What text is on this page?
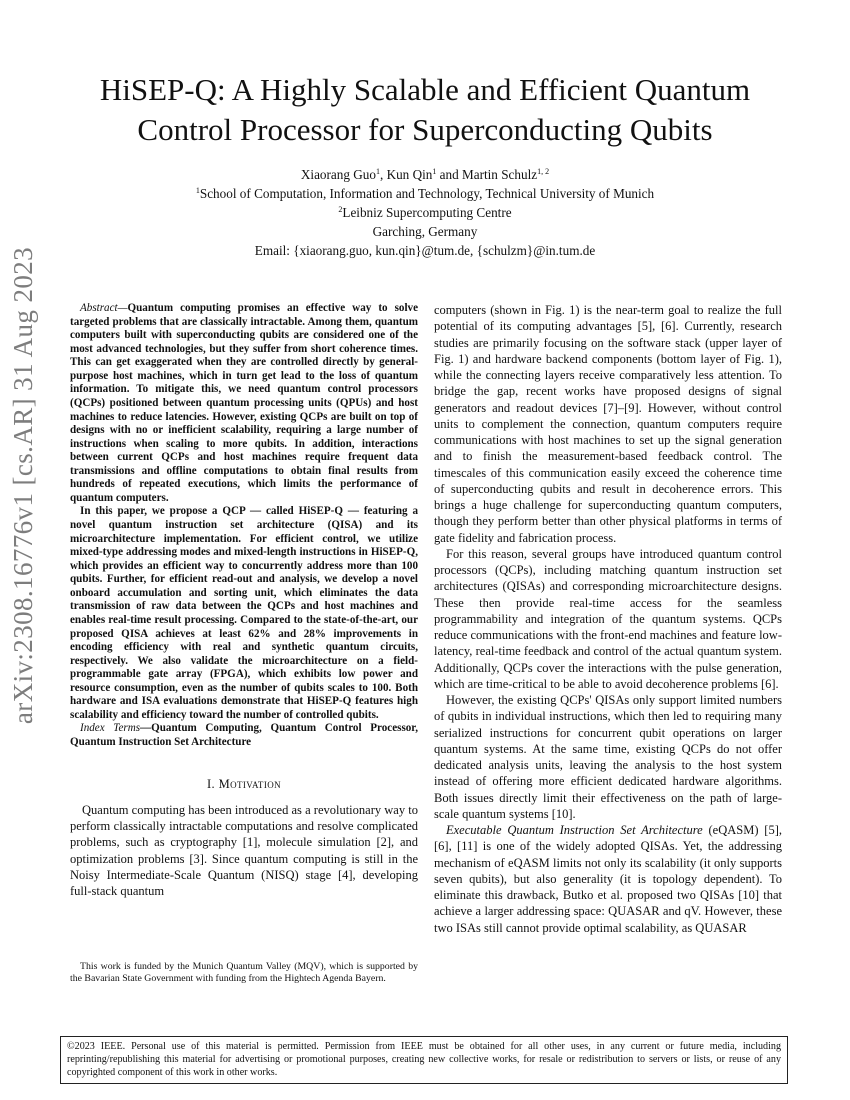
arXiv:2308.16776v1 [cs.AR] 31 Aug 2023
HiSEP-Q: A Highly Scalable and Efficient Quantum
Control Processor for Superconducting Qubits
Xiaorang Guo$^1$, Kun Qin$^1$ and Martin Schulz$^{1, 2}$
$^1$School of Computation, Information and Technology, Technical University of Munich
$^2$Leibniz Supercomputing Centre
Garching, Germany
Email: {xiaorang.guo, kun.qin}@tum.de, {schulzm}@in.tum.de

Abstract—Quantum computing promises an effective way to solve targeted problems that are classically intractable. Among them, quantum computers built with superconducting qubits are considered one of the most advanced technologies, but they suffer from short coherence times. This can get exaggerated when they are controlled directly by general-purpose host machines, which in turn get lead to the loss of quantum information. To mitigate this, we need quantum control processors (QCPs) positioned between quantum processing units (QPUs) and host machines to reduce latencies. However, existing QCPs are built on top of designs with no or inefficient scalability, requiring a large number of instructions when scaling to more qubits. In addition, interactions between current QCPs and host machines require frequent data transmissions and offline computations to obtain final results from hundreds of repeated executions, which limits the performance of quantum computers.

In this paper, we propose a QCP — called HiSEP-Q — featuring a novel quantum instruction set architecture (QISA) and its microarchitecture implementation. For efficient control, we utilize mixed-type addressing modes and mixed-length instructions in HiSEP-Q, which provides an efficient way to concurrently address more than 100 qubits. Further, for efficient read-out and analysis, we develop a novel onboard accumulation and sorting unit, which eliminates the data transmission of raw data between the QCPs and host machines and enables real-time result processing. Compared to the state-of-the-art, our proposed QISA achieves at least 62% and 28% improvements in encoding efficiency with real and synthetic quantum circuits, respectively. We also validate the microarchitecture on a field-programmable gate array (FPGA), which exhibits low power and resource consumption, even as the number of qubits scales to 100. Both hardware and ISA evaluations demonstrate that HiSEP-Q features high scalability and efficiency toward the number of controlled qubits.

Index Terms—Quantum Computing, Quantum Control Processor, Quantum Instruction Set Architecture

I. Motivation

Quantum computing has been introduced as a revolutionary way to perform classically intractable computations and resolve complicated problems, such as cryptography [1], molecule simulation [2], and optimization problems [3]. Since quantum computing is still in the Noisy Intermediate-Scale Quantum (NISQ) stage [4], developing full-stack quantum

This work is funded by the Munich Quantum Valley (MQV), which is supported by the Bavarian State Government with funding from the Hightech Agenda Bayern.

computers (shown in Fig. 1) is the near-term goal to realize the full potential of its computing advantages [5], [6]. Currently, research studies are primarily focusing on the software stack (upper layer of Fig. 1) and hardware backend components (bottom layer of Fig. 1), while the connecting layers receive comparatively less attention. To bridge the gap, recent works have proposed designs of signal generators and readout devices [7]–[9]. However, without control units to complement the connection, quantum computers require communications with host machines to set up the signal generation and to finish the measurement-based feedback control. The timescales of this communication easily exceed the coherence time of superconducting qubits and result in decoherence errors. This brings a huge challenge for superconducting quantum computers, though they perform better than other physical platforms in terms of gate fidelity and fabrication process.

For this reason, several groups have introduced quantum control processors (QCPs), including matching quantum instruction set architectures (QISAs) and corresponding microarchitecture designs. These then provide real-time access for the seamless programmability and integration of the quantum systems. QCPs reduce communications with the front-end machines and feature low-latency, real-time feedback and control of the actual quantum system. Additionally, QCPs cover the interactions with the pulse generation, which are time-critical to be able to avoid decoherence problems [6].

However, the existing QCPs' QISAs only support limited numbers of qubits in individual instructions, which then led to requiring many serialized instructions for concurrent qubit operations on larger quantum systems. At the same time, existing QCPs do not offer dedicated analysis units, leaving the analysis to the host system instead of offering more efficient dedicated hardware algorithms. Both issues directly limit their effectiveness on the path of large-scale quantum systems [10].

Executable Quantum Instruction Set Architecture (eQASM) [5], [6], [11] is one of the widely adopted QISAs. Yet, the addressing mechanism of eQASM limits not only its scalability (it only supports seven qubits), but also generality (it is topology dependent). To eliminate this drawback, Butko et al. proposed two QISAs [10] that achieve a larger addressing space: QUASAR and qV. However, these two ISAs still cannot provide optimal scalability, as QUASAR

©2023 IEEE. Personal use of this material is permitted. Permission from IEEE must be obtained for all other uses, in any current or future media, including reprinting/republishing this material for advertising or promotional purposes, creating new collective works, for resale or redistribution to servers or lists, or reuse of any copyrighted component of this work in other works.
